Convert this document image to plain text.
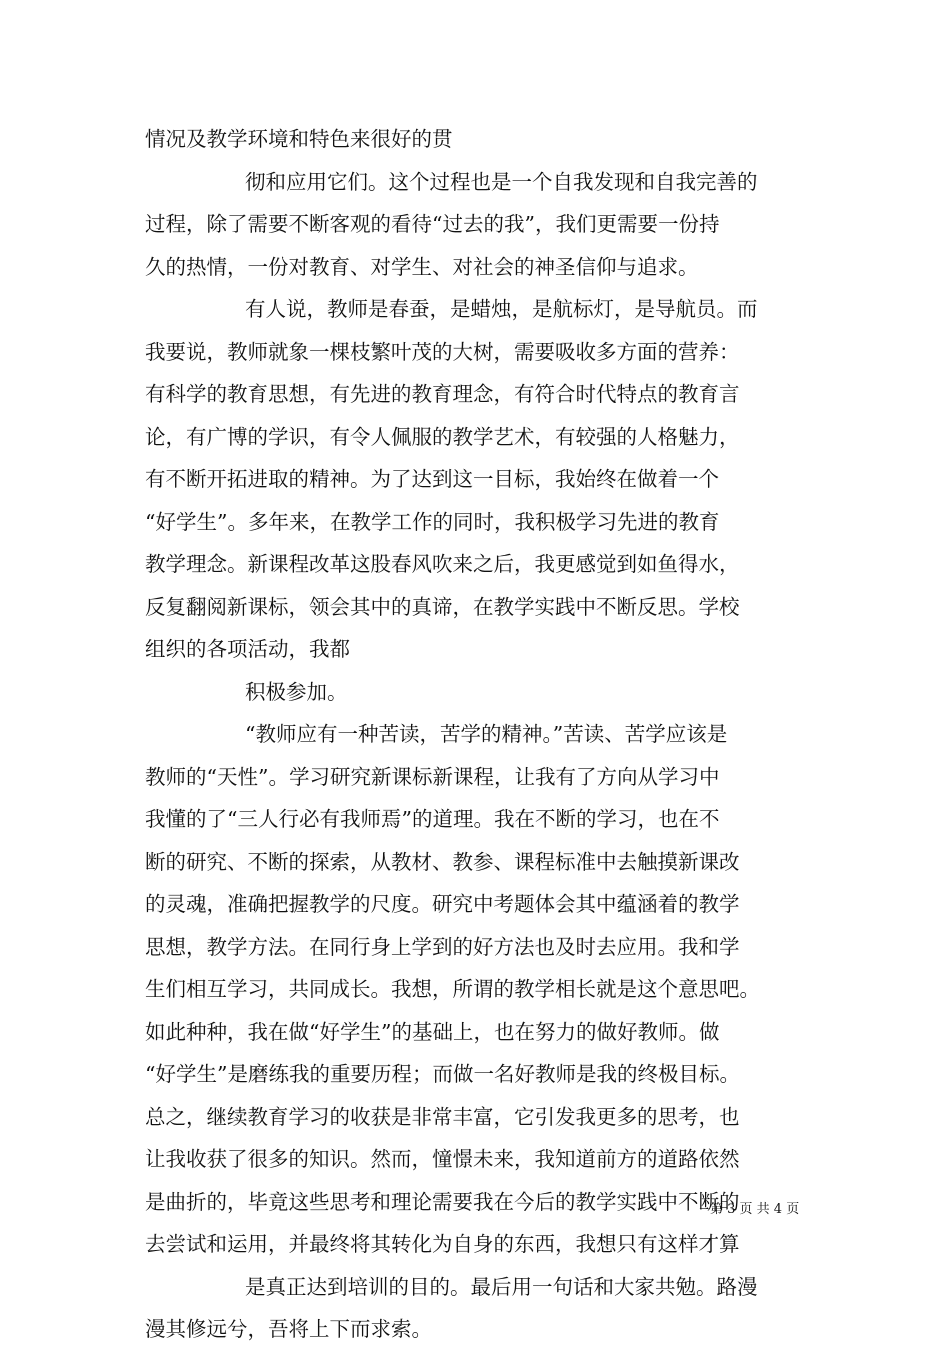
情况及教学环境和特色来很好的贯
彻和应用它们。这个过程也是一个自我发现和自我完善的
过程，除了需要不断客观的看待“过去的我”，我们更需要一份持
久的热情，一份对教育、对学生、对社会的神圣信仰与追求。
有人说，教师是春蚕，是蜡烛，是航标灯，是导航员。而
我要说，教师就象一棵枝繁叶茂的大树，需要吸收多方面的营养：
有科学的教育思想，有先进的教育理念，有符合时代特点的教育言
论，有广博的学识，有令人佩服的教学艺术，有较强的人格魅力，
有不断开拓进取的精神。为了达到这一目标，我始终在做着一个
“好学生”。多年来，在教学工作的同时，我积极学习先进的教育
教学理念。新课程改革这股春风吹来之后，我更感觉到如鱼得水，
反复翻阅新课标，领会其中的真谛，在教学实践中不断反思。学校
组织的各项活动，我都
积极参加。
“教师应有一种苦读，苦学的精神。”苦读、苦学应该是
教师的“天性”。学习研究新课标新课程，让我有了方向从学习中
我懂的了“三人行必有我师焉”的道理。我在不断的学习，也在不
断的研究、不断的探索，从教材、教参、课程标准中去触摸新课改
的灵魂，准确把握教学的尺度。研究中考题体会其中蕴涵着的教学
思想，教学方法。在同行身上学到的好方法也及时去应用。我和学
生们相互学习，共同成长。我想，所谓的教学相长就是这个意思吧。
如此种种，我在做“好学生”的基础上，也在努力的做好教师。做
“好学生”是磨练我的重要历程；而做一名好教师是我的终极目标。
总之，继续教育学习的收获是非常丰富，它引发我更多的思考，也
让我收获了很多的知识。然而，憧憬未来，我知道前方的道路依然
是曲折的，毕竟这些思考和理论需要我在今后的教学实践中不断的
去尝试和运用，并最终将其转化为自身的东西，我想只有这样才算
是真正达到培训的目的。最后用一句话和大家共勉。路漫
漫其修远兮，吾将上下而求索。
第 3 页 共 4 页
